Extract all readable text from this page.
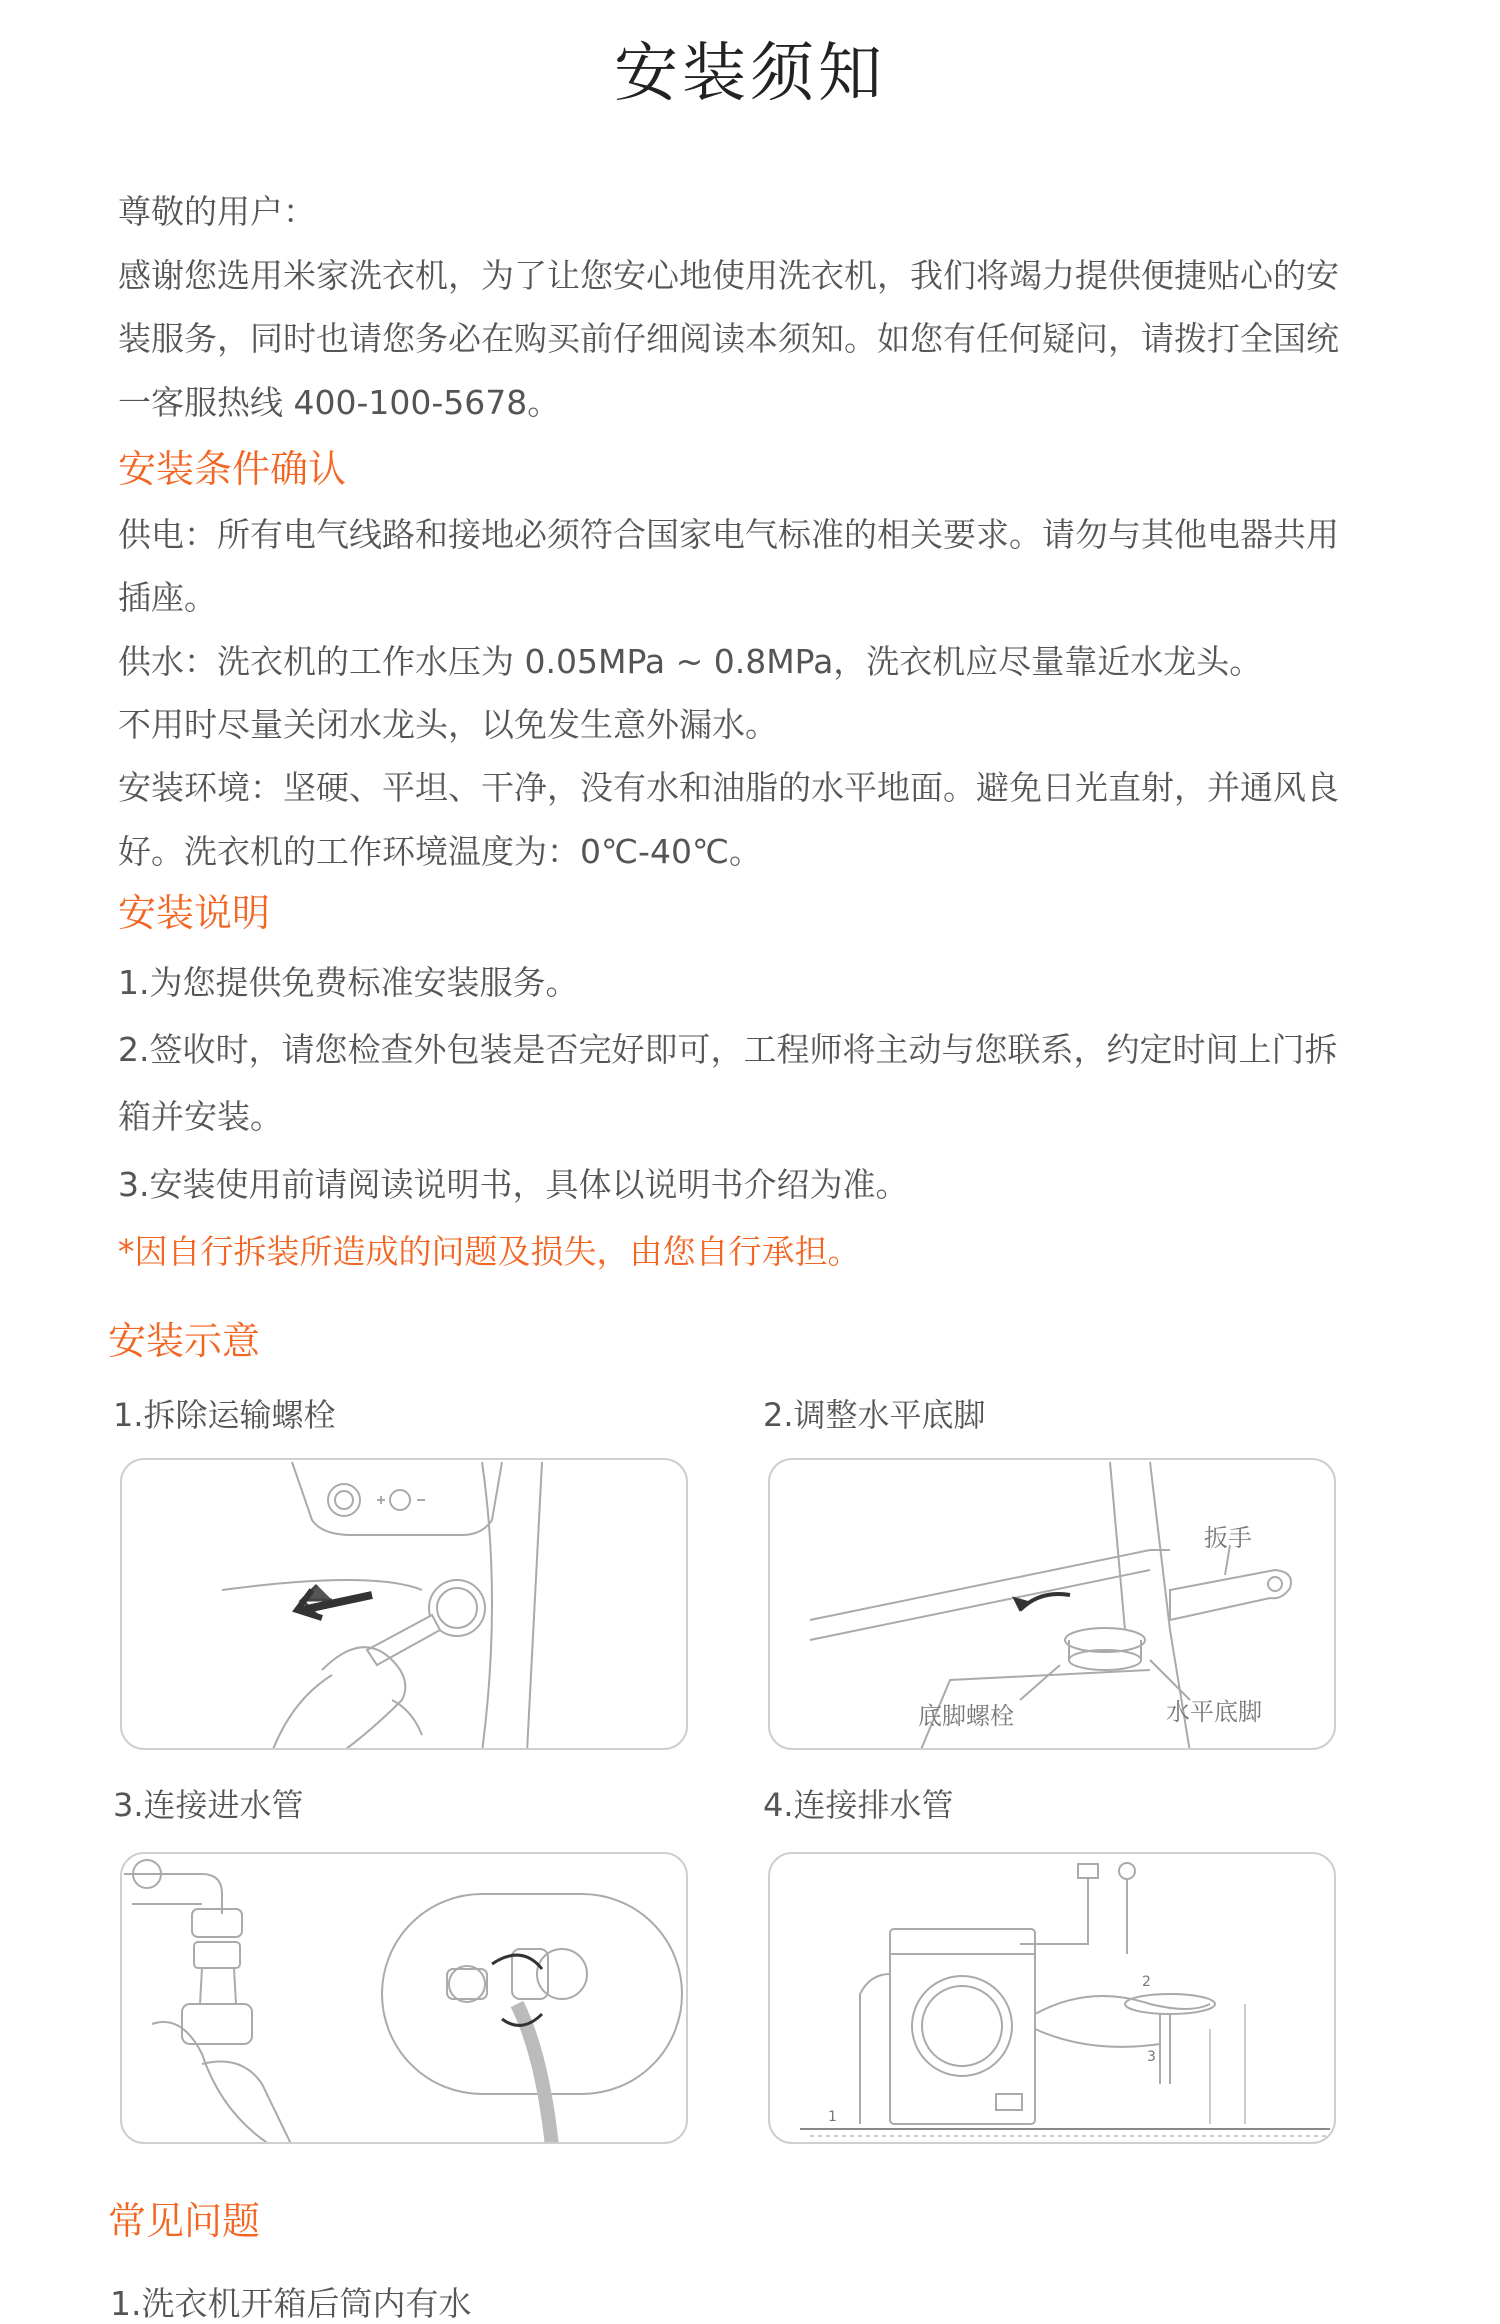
安装须知
尊敬的用户：
感谢您选用米家洗衣机，为了让您安心地使用洗衣机，我们将竭力提供便捷贴心的安
装服务，同时也请您务必在购买前仔细阅读本须知。如您有任何疑问，请拨打全国统
一客服热线 400-100-5678。
安装条件确认
供电：所有电气线路和接地必须符合国家电气标准的相关要求。请勿与其他电器共用
插座。
供水：洗衣机的工作水压为 0.05MPa ~ 0.8MPa，洗衣机应尽量靠近水龙头。
不用时尽量关闭水龙头，以免发生意外漏水。
安装环境：坚硬、平坦、干净，没有水和油脂的水平地面。避免日光直射，并通风良
好。洗衣机的工作环境温度为：0℃-40℃。
安装说明
1.为您提供免费标准安装服务。
2.签收时，请您检查外包装是否完好即可，工程师将主动与您联系，约定时间上门拆
箱并安装。
3.安装使用前请阅读说明书，具体以说明书介绍为准。
*因自行拆装所造成的问题及损失，由您自行承担。
安装示意
1.拆除运输螺栓	2.调整水平底脚
扳手
底脚螺栓	水平底脚
3.连接进水管	4.连接排水管
1
2
3
常见问题
1.洗衣机开箱后筒内有水
